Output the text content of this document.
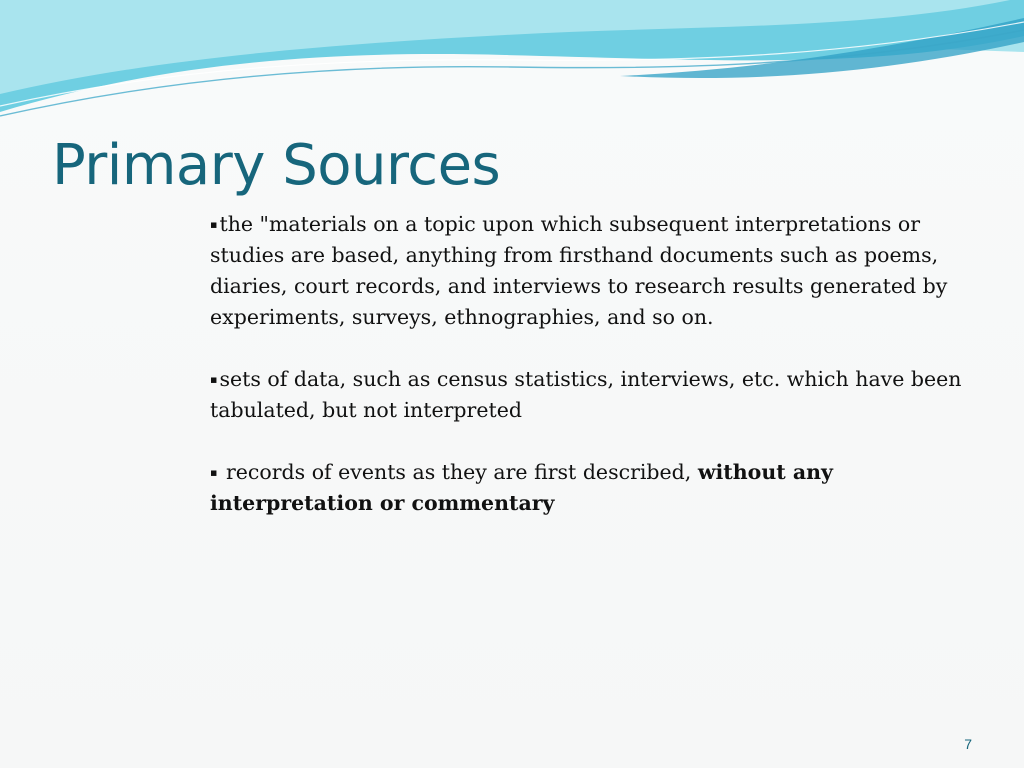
Primary Sources

▪the "materials on a topic upon which subsequent interpretations or studies are based, anything from firsthand documents such as poems, diaries, court records, and interviews to research results generated by experiments, surveys, ethnographies, and so on.

▪sets of data, such as census statistics, interviews, etc. which have been tabulated, but not interpreted

▪ records of events as they are first described, without any interpretation or commentary

7
